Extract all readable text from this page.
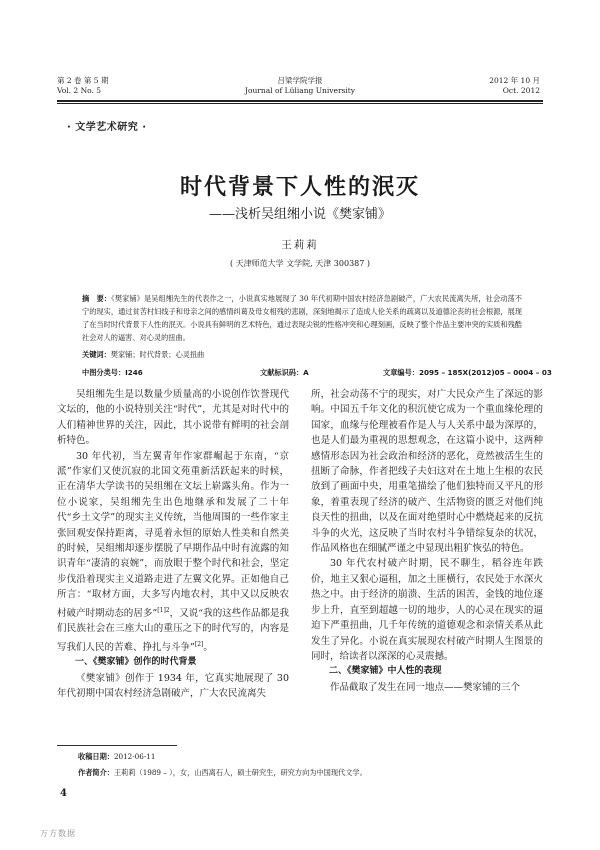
第 2 卷 第 5 期
Vol. 2 No. 5
吕梁学院学报
Journal of Lüliang University
2012 年 10 月
Oct. 2012
· 文学艺术研究 ·
时代背景下人性的泯灭
——浅析吴组缃小说《樊家铺》
王莉莉
( 天津师范大学 文学院, 天津 300387 )
摘　要：《樊家铺》是吴组缃先生的代表作之一，小说真实地展现了 30 年代初期中国农村经济急剧破产，广大农民流离失所，社会动荡不宁的现实，通过贫苦村妇线子和母亲之间的感情纠葛及母女相残的悲剧，深刻地揭示了造成人伦关系的疏离以及道德沦丧的社会根源，展现了在当时时代背景下人性的泯灭。小说具有鲜明的艺术特色，通过表现尖锐的性格冲突和心理刻画，反映了整个作品主要冲突的实质和残酷社会对人的逼害、对心灵的扭曲。
关键词：樊家铺；时代背景；心灵扭曲
中图分类号：I246	文献标识码：A	文章编号：2095 – 185X(2012)05 – 0004 – 03

吴组缃先生是以数量少质量高的小说创作饮誉现代文坛的，他的小说特别关注“时代”，尤其是对时代中的人们精神世界的关注，因此，其小说带有鲜明的社会剖析特色。

30 年代初，当左翼青年作家群崛起于东南，“京派”作家们又使沉寂的北国文苑重新活跃起来的时候，正在清华大学读书的吴组缃在文坛上崭露头角。作为一位小说家，吴组缃先生出色地继承和发展了二十年代“乡土文学”的现实主义传统，当他周围的一些作家主张回观安保持距离，寻觅着永恒的原始人性美和自然美的时候，吴组缃却逐步摆脱了早期作品中时有流露的知识青年“凄清的哀婉”，而放眼于整个时代和社会，坚定步伐沿着现实主义道路走进了左翼文化界。正如他自己所言：“取材方面，大多写内地农村，其中又以反映农村破产时期动态的居多”$^{[1]2}$，又说“我的这些作品都是我们民族社会在三座大山的重压之下的时代写的，内容是写我们人民的苦难、挣扎与斗争”[2]。

一、《樊家铺》创作的时代背景

《樊家铺》创作于 1934 年，它真实地展现了 30 年代初期中国农村经济急剧破产，广大农民流离失

所，社会动荡不宁的现实，对广大民众产生了深远的影响。中国五千年文化的积沉使它成为一个重血缘伦理的国家，血缘与伦理被看作是人与人关系中最为深厚的，也是人们最为重视的思想观念，在这篇小说中，这两种感情形态因为社会政治和经济的恶化，竟然被活生生的扭断了命脉，作者把线子夫妇这对在土地上生根的农民放到了画面中央，用重笔描绘了他们独特而又平凡的形象，着重表现了经济的破产、生活物资的匮乏对他们纯良天性的扭曲，以及在面对绝望时心中燃烧起来的反抗斗争的火光，这反映了当时农村斗争错综复杂的状况，作品风格也在细腻严谨之中显现出粗犷恢弘的特色。

30 年代农村破产时期，民不聊生，稻谷连年跌价，地主又狠心逼租，加之土匪横行，农民处于水深火热之中。由于经济的崩溃、生活的困苦，金钱的地位逐步上升，直至到超越一切的地步，人的心灵在现实的逼迫下严重扭曲，几千年传统的道德观念和亲情关系从此发生了异化。小说在真实展现农村破产时期人生图景的同时，给读者以深深的心灵震撼。

二、《樊家铺》中人性的表现

作品截取了发生在同一地点——樊家铺的三个

收稿日期：2012-06-11
作者简介：王莉莉（1989 – ），女，山西离石人，硕士研究生，研究方向为中国现代文学。
4
万方数据
